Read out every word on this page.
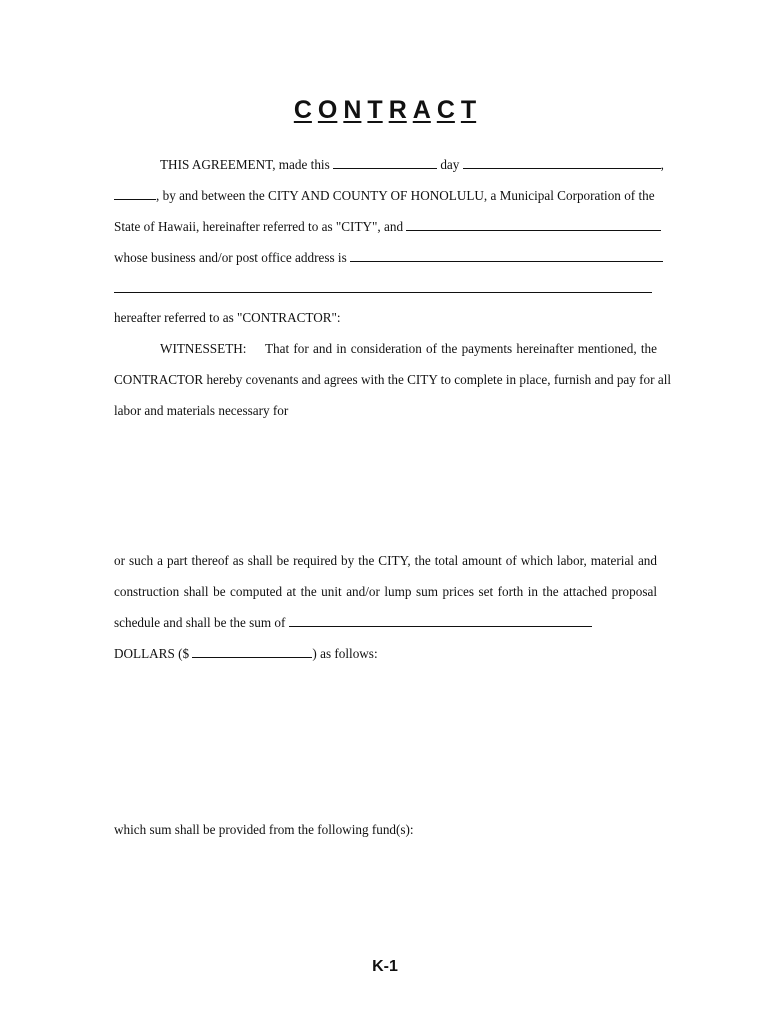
C O N T R A C T
THIS AGREEMENT, made this	day	,
, by and between the CITY AND COUNTY OF HONOLULU, a Municipal Corporation of the
State of Hawaii, hereinafter referred to as "CITY", and
whose business and/or post office address is
hereafter referred to as "CONTRACTOR":
WITNESSETH: That for and in consideration of the payments hereinafter mentioned, the
CONTRACTOR hereby covenants and agrees with the CITY to complete in place, furnish and pay for all
labor and materials necessary for
or such a part thereof as shall be required by the CITY, the total amount of which labor, material and
construction shall be computed at the unit and/or lump sum prices set forth in the attached proposal
schedule and shall be the sum of
DOLLARS ($	) as follows:
which sum shall be provided from the following fund(s):
K-1
